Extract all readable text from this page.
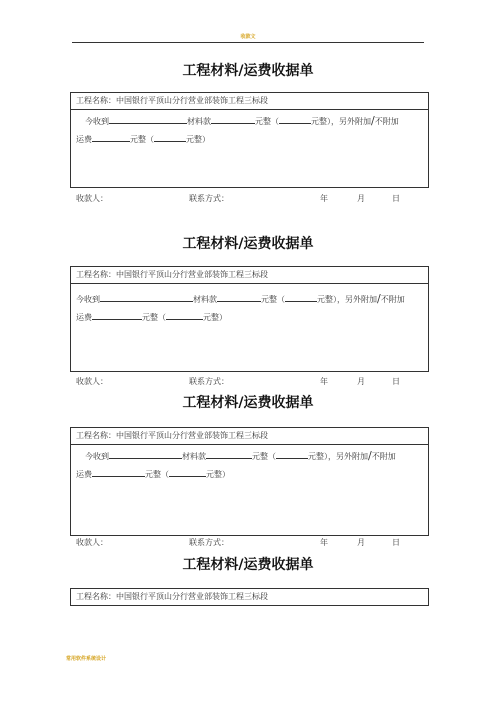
收款文
工程材料/运费收据单
工程名称：中国银行平顶山分行营业部装饰工程三标段
今收到	材料款	元整（	元整），另外附加/不附加
运费	元整（	元整）
收款人：	联系方式：	年	月	日
工程材料/运费收据单
工程名称：中国银行平顶山分行营业部装饰工程三标段
今收到	材料款	元整（	元整），另外附加/不附加
运费	元整（	元整）
收款人：	联系方式：	年	月	日
工程材料/运费收据单
工程名称：中国银行平顶山分行营业部装饰工程三标段
今收到	材料款	元整（	元整），另外附加/不附加
运费	元整（	元整）
收款人：	联系方式：	年	月	日
工程材料/运费收据单
工程名称：中国银行平顶山分行营业部装饰工程三标段
常用软件系统设计
